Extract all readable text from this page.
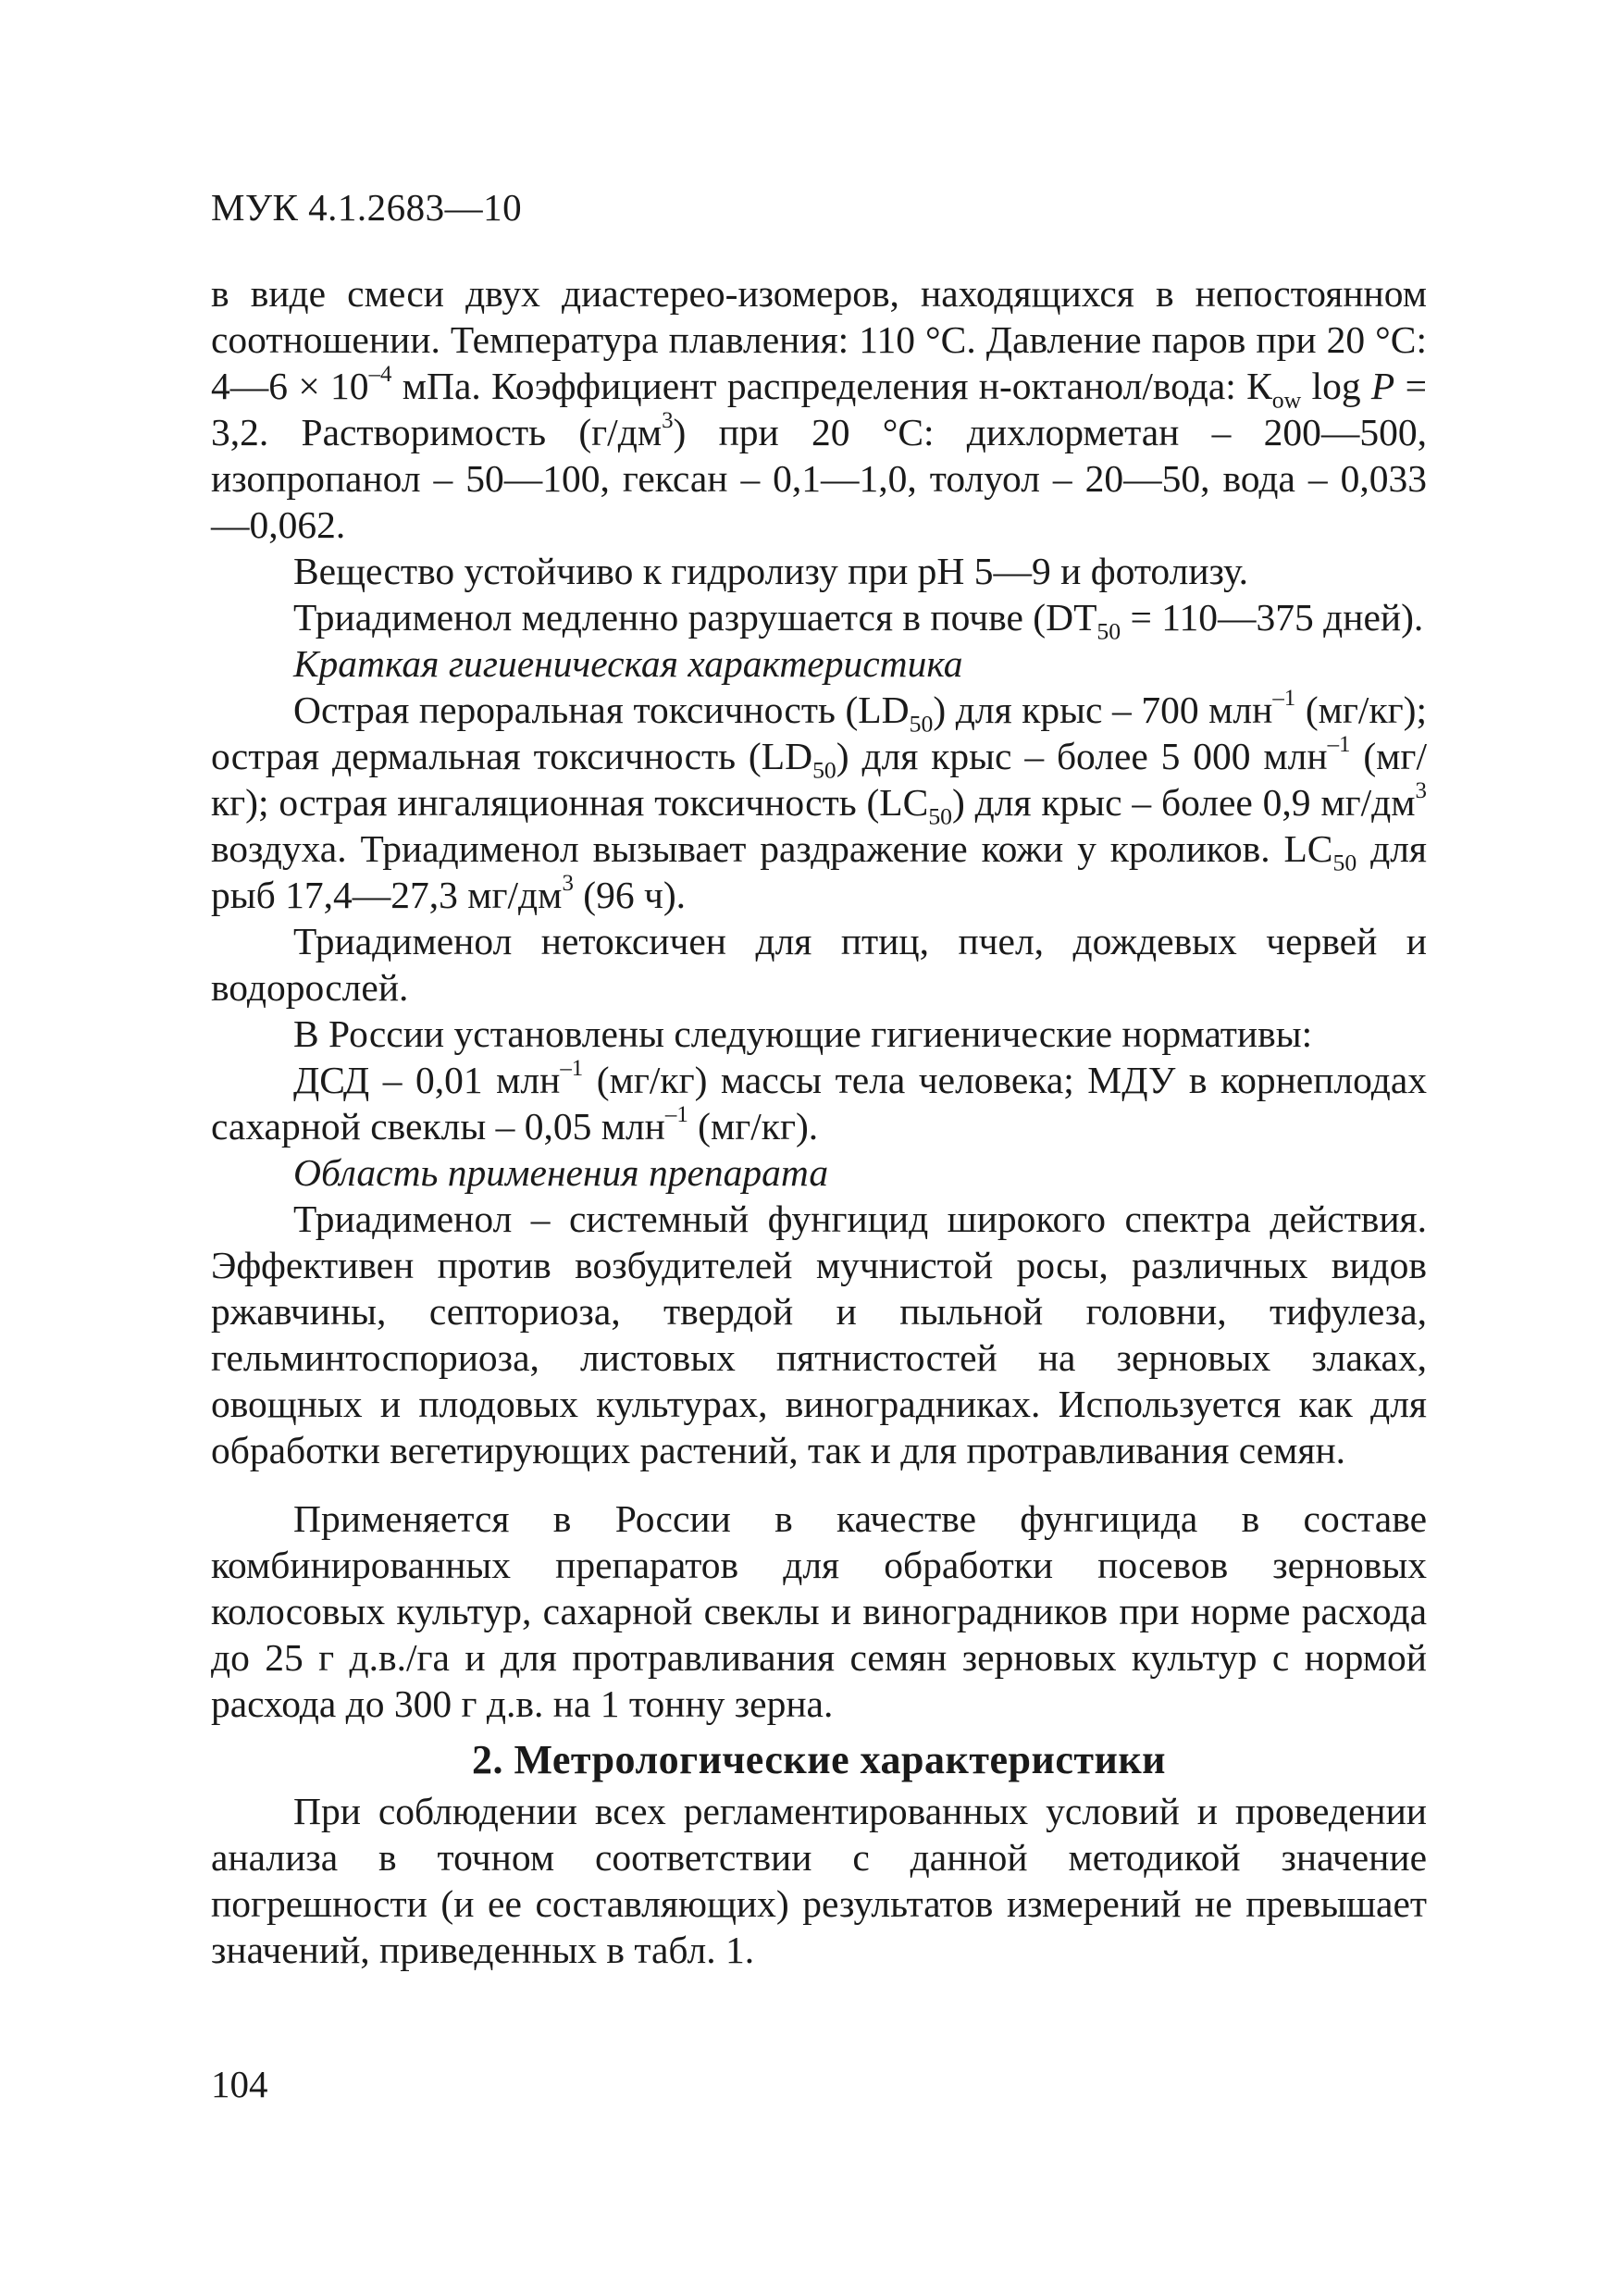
МУК 4.1.2683—10

в виде смеси двух диастерео-изомеров, находящихся в непостоянном соотношении. Температура плавления: 110 °С. Давление паров при 20 °С: 4—6 × $10^{-4}$ мПа. Коэффициент распределения н-октанол/вода: $К_{ow}$ log P = 3,2. Растворимость $(г/дм^3)$ при 20 °С: дихлорметан – 200—500, изопропанол – 50—100, гексан – 0,1—1,0, толуол – 20—50, вода – 0,033—0,062.

Вещество устойчиво к гидролизу при рН 5—9 и фотолизу.

Триадименол медленно разрушается в почве ($DT_{50}$ = 110—375 дней).

Краткая гигиеническая характеристика

Острая пероральная токсичность $(LD_{50})$ для крыс – 700 млн$^{-1}$ (мг/кг); острая дермальная токсичность $(LD_{50})$ для крыс – более 5 000 млн$^{-1}$ (мг/кг); острая ингаляционная токсичность $(LC_{50})$ для крыс – более 0,9 $мг/дм^3$ воздуха. Триадименол вызывает раздражение кожи у кроликов. $LC_{50}$ для рыб 17,4—27,3 $мг/дм^3$ (96 ч).

Триадименол нетоксичен для птиц, пчел, дождевых червей и водорослей.

В России установлены следующие гигиенические нормативы:

ДСД – 0,01 млн$^{-1}$ (мг/кг) массы тела человека; МДУ в корнеплодах сахарной свеклы – 0,05 млн$^{-1}$ (мг/кг).

Область применения препарата

Триадименол – системный фунгицид широкого спектра действия. Эффективен против возбудителей мучнистой росы, различных видов ржавчины, септориоза, твердой и пыльной головни, тифулеза, гельминтоспориоза, листовых пятнистостей на зерновых злаках, овощных и плодовых культурах, виноградниках. Используется как для обработки вегетирующих растений, так и для протравливания семян.

Применяется в России в качестве фунгицида в составе комбинированных препаратов для обработки посевов зерновых колосовых культур, сахарной свеклы и виноградников при норме расхода до 25 г д.в./га и для протравливания семян зерновых культур с нормой расхода до 300 г д.в. на 1 тонну зерна.

2. Метрологические характеристики

При соблюдении всех регламентированных условий и проведении анализа в точном соответствии с данной методикой значение погрешности (и ее составляющих) результатов измерений не превышает значений, приведенных в табл. 1.

104
